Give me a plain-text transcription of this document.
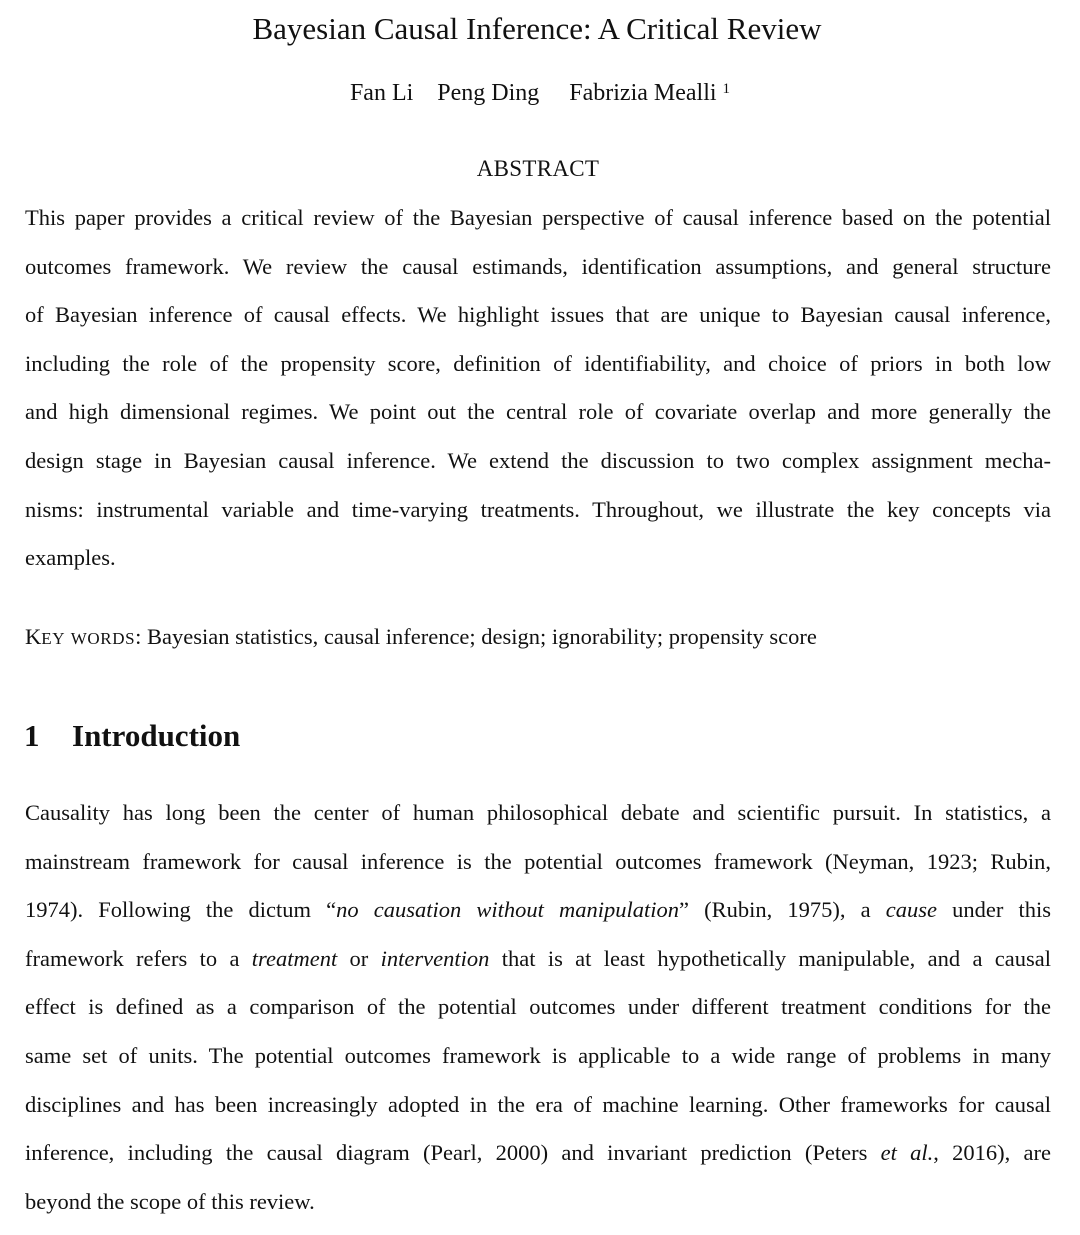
Bayesian Causal Inference: A Critical Review
Fan Li Peng Ding Fabrizia Mealli $^1$
ABSTRACT
This paper provides a critical review of the Bayesian perspective of causal inference based on the potential
outcomes framework. We review the causal estimands, identification assumptions, and general structure
of Bayesian inference of causal effects. We highlight issues that are unique to Bayesian causal inference,
including the role of the propensity score, definition of identifiability, and choice of priors in both low
and high dimensional regimes. We point out the central role of covariate overlap and more generally the
design stage in Bayesian causal inference. We extend the discussion to two complex assignment mecha-
nisms: instrumental variable and time-varying treatments. Throughout, we illustrate the key concepts via
examples.
KEY WORDS: Bayesian statistics, causal inference; design; ignorability; propensity score
1 Introduction
Causality has long been the center of human philosophical debate and scientific pursuit. In statistics, a
mainstream framework for causal inference is the potential outcomes framework (Neyman, 1923; Rubin,
1974). Following the dictum “no causation without manipulation” (Rubin, 1975), a cause under this
framework refers to a treatment or intervention that is at least hypothetically manipulable, and a causal
effect is defined as a comparison of the potential outcomes under different treatment conditions for the
same set of units. The potential outcomes framework is applicable to a wide range of problems in many
disciplines and has been increasingly adopted in the era of machine learning. Other frameworks for causal
inference, including the causal diagram (Pearl, 2000) and invariant prediction (Peters et al., 2016), are
beyond the scope of this review.
